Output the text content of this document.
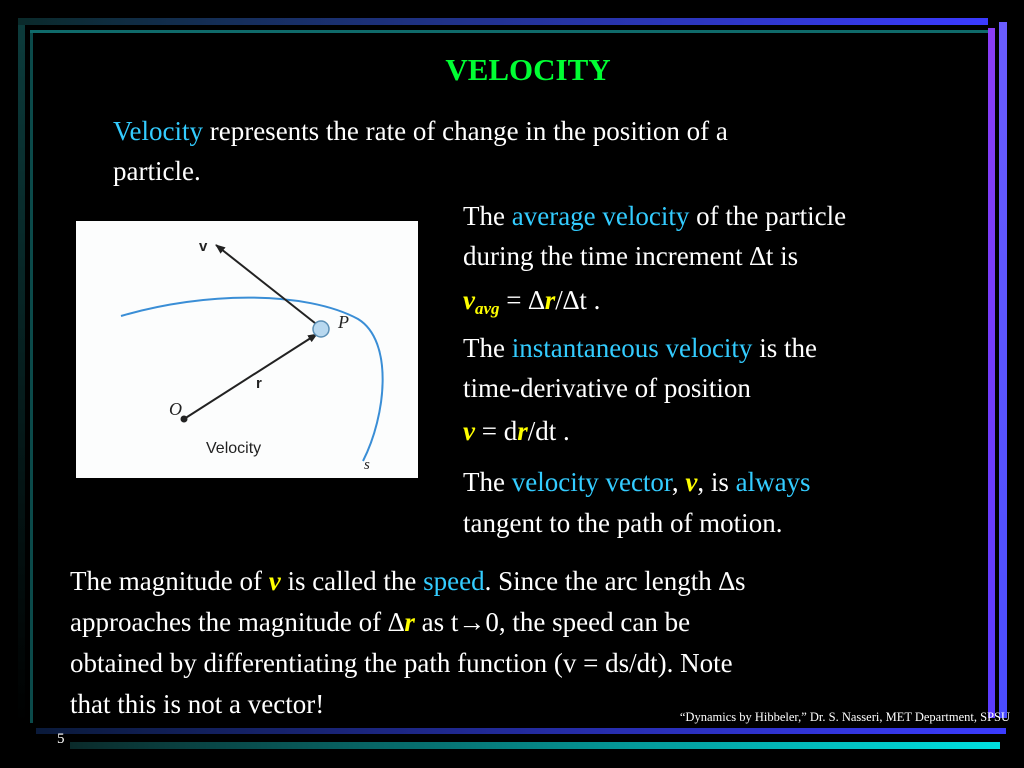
VELOCITY
Velocity represents the rate of change in the position of a
particle.
v
P
r
O
Velocity
s
The average velocity of the particle
during the time increment ∆t is
$v_{avg} = \Delta r/\Delta t$ .
The instantaneous velocity is the
time-derivative of position
v = dr/dt .
The velocity vector, v, is always
tangent to the path of motion.
The magnitude of v is called the speed. Since the arc length ∆s
approaches the magnitude of ∆r as t→0, the speed can be
obtained by differentiating the path function (v = ds/dt). Note
that this is not a vector!	“Dynamics by Hibbeler,” Dr. S. Nasseri, MET Department, SPSU
5
